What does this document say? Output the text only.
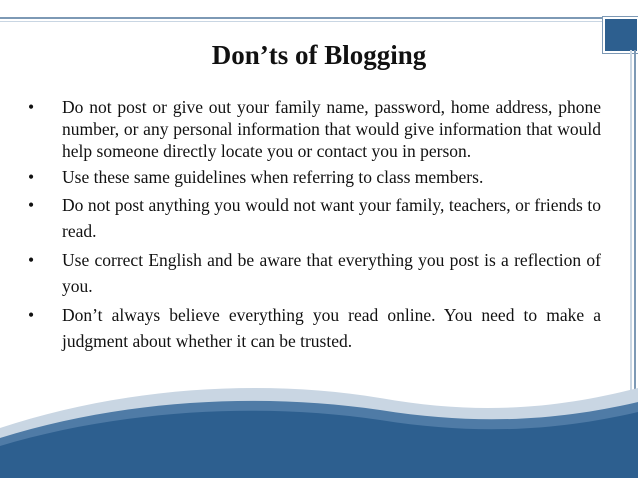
Don’ts of Blogging
• Do not post or give out your family name, password, home address, phone number, or any personal information that would give information that would help someone directly locate you or contact you in person.
• Use these same guidelines when referring to class members.
• Do not post anything you would not want your family, teachers, or friends to read.
• Use correct English and be aware that everything you post is a reflection of you.
• Don’t always believe everything you read online. You need to make a judgment about whether it can be trusted.
